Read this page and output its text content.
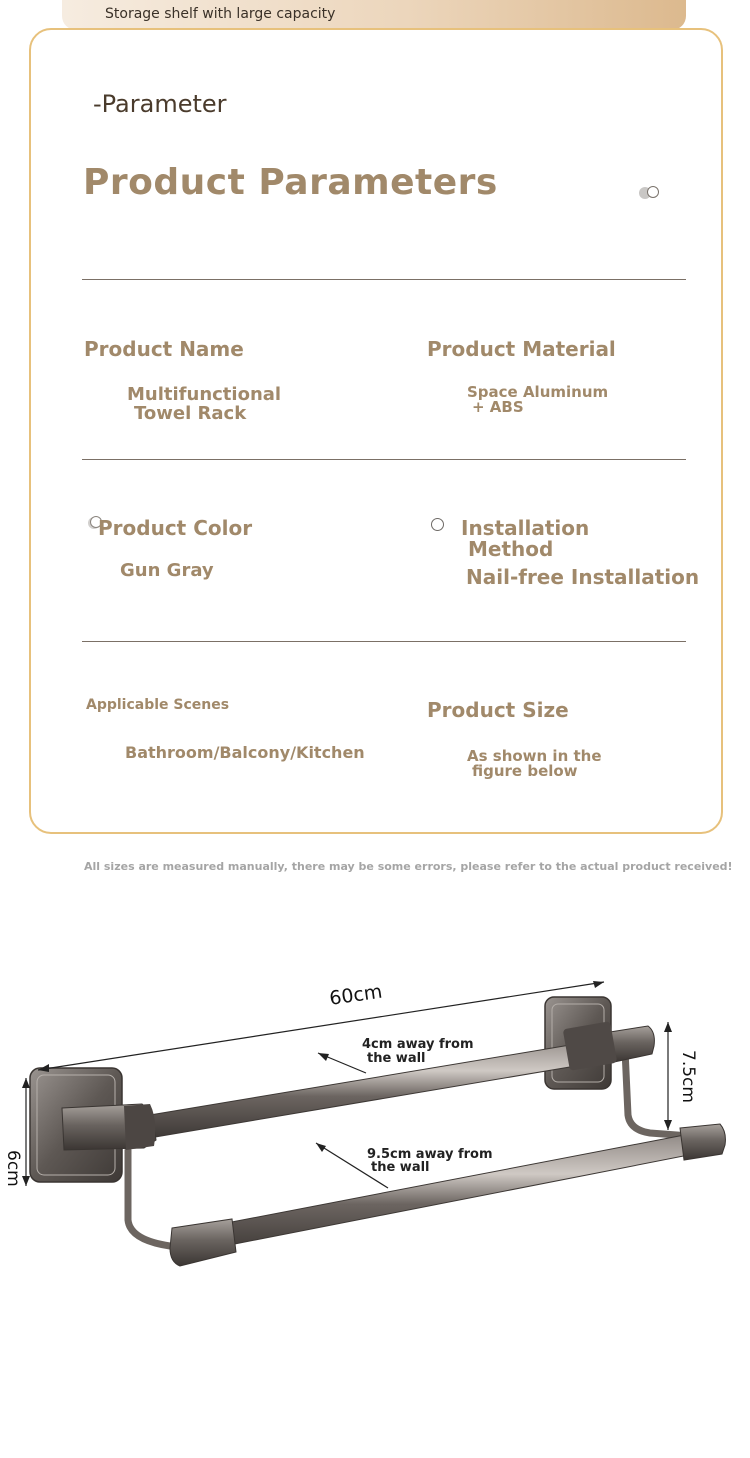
Storage shelf with large capacity
-Parameter
Product Parameters
Product Name
Multifunctional
Towel Rack
Product Material
Space Aluminum
+ ABS
Product Color
Gun Gray
Installation
Method
Nail-free Installation
Applicable Scenes
Bathroom/Balcony/Kitchen
Product Size
As shown in the
figure below
All sizes are measured manually, there may be some errors, please refer to the actual product received!
60cm
6cm
7.5cm
4cm away from
the wall
9.5cm away from
the wall
